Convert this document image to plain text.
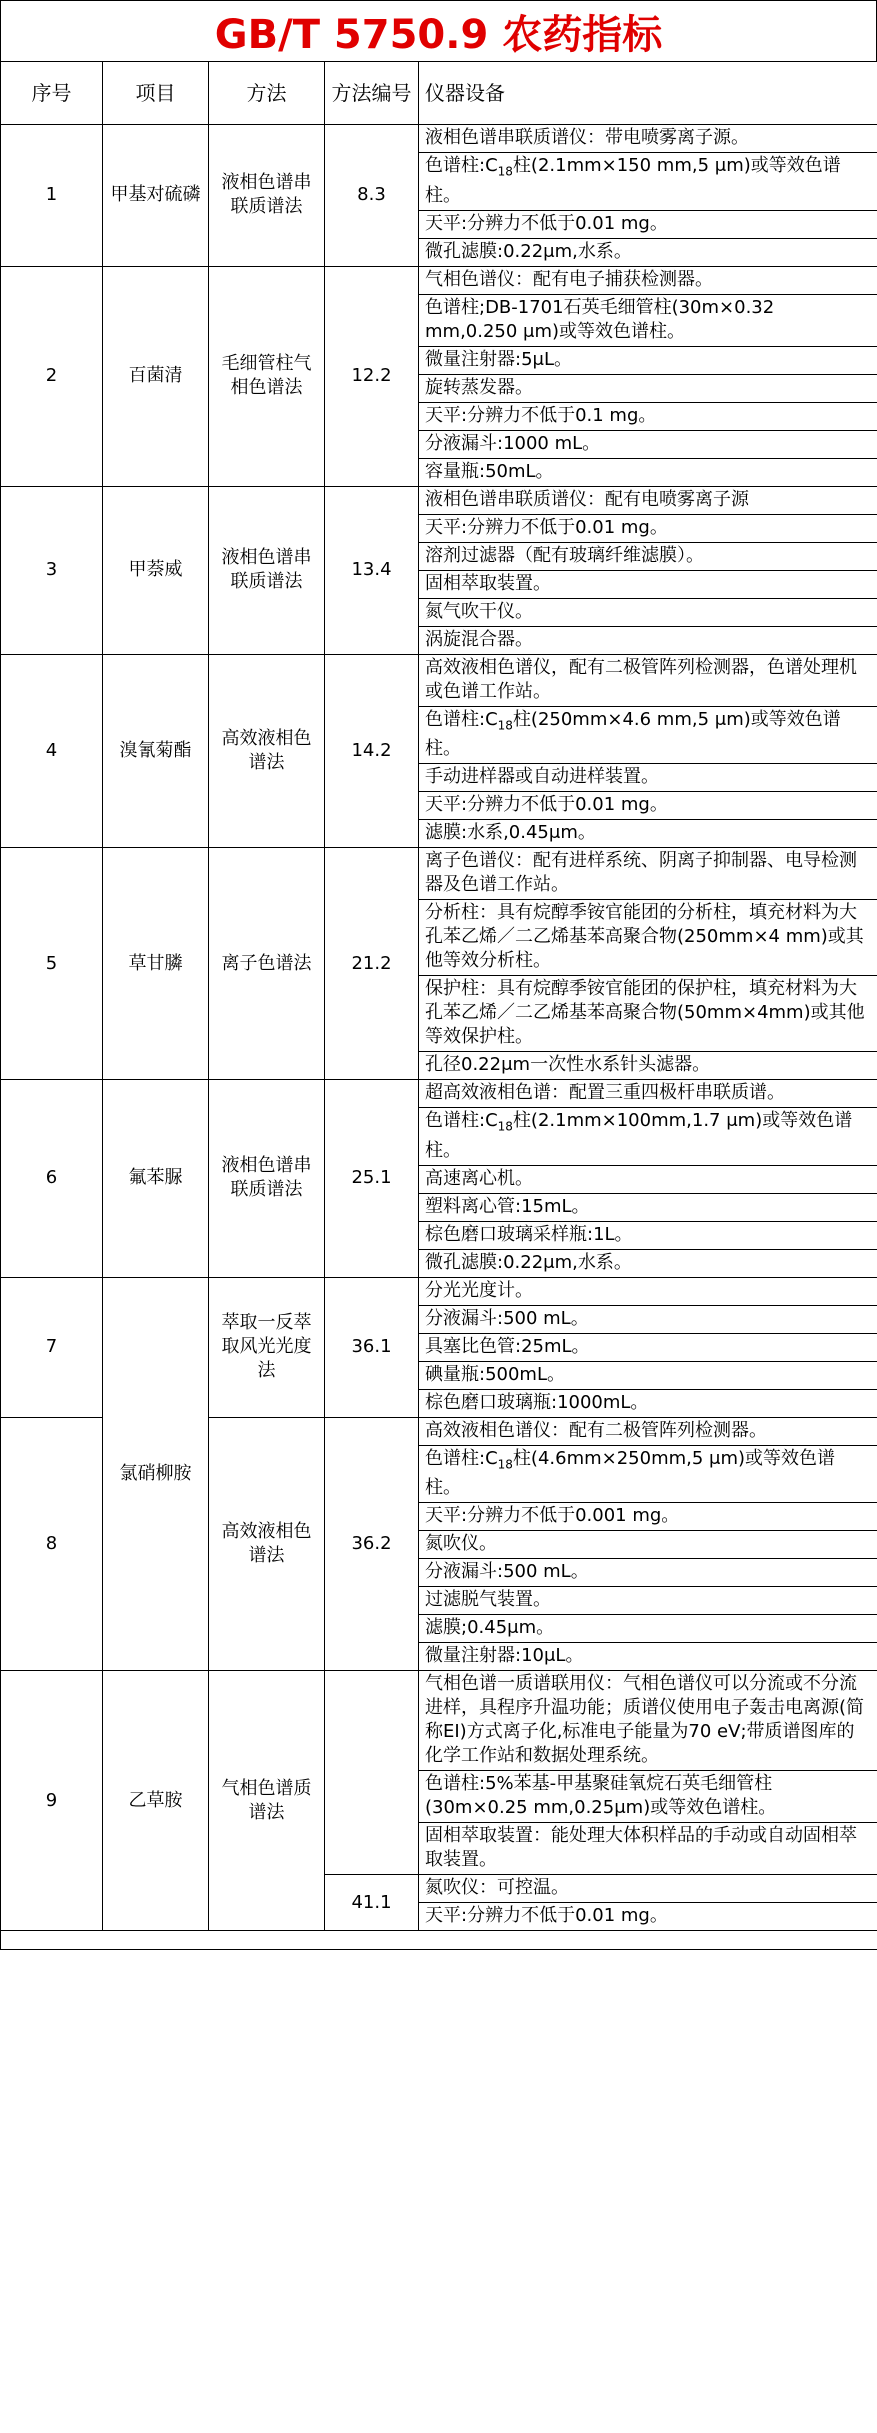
GB/T 5750.9 农药指标
序号	项目	方法	方法编号	仪器设备
1	甲基对硫磷	液相色谱串联质谱法	8.3	液相色谱串联质谱仪：带电喷雾离子源。
				色谱柱$:C_{18}$柱(2.1mm×150 mm,5 μm)或等效色谱柱。
				天平:分辨力不低于0.01 mg。
				微孔滤膜:0.22μm,水系。
2	百菌清	毛细管柱气相色谱法	12.2	气相色谱仪：配有电子捕获检测器。
				色谱柱;DB-1701石英毛细管柱(30m×0.32 mm,0.250 μm)或等效色谱柱。
				微量注射器:5μL。
				旋转蒸发器。
				天平:分辨力不低于0.1 mg。
				分液漏斗:1000 mL。
				容量瓶:50mL。
3	甲萘威	液相色谱串联质谱法	13.4	液相色谱串联质谱仪：配有电喷雾离子源
				天平:分辨力不低于0.01 mg。
				溶剂过滤器（配有玻璃纤维滤膜）。
				固相萃取装置。
				氮气吹干仪。
				涡旋混合器。
4	溴氰菊酯	高效液相色谱法	14.2	高效液相色谱仪，配有二极管阵列检测器，色谱处理机或色谱工作站。
				色谱柱$:C_{18}$柱(250mm×4.6 mm,5 μm)或等效色谱柱。
				手动进样器或自动进样装置。
				天平:分辨力不低于0.01 mg。
				滤膜:水系,0.45μm。
5	草甘膦	离子色谱法	21.2	离子色谱仪：配有进样系统、阴离子抑制器、电导检测器及色谱工作站。
				分析柱：具有烷醇季铵官能团的分析柱，填充材料为大孔苯乙烯／二乙烯基苯高聚合物(250mm×4 mm)或其他等效分析柱。
				保护柱：具有烷醇季铵官能团的保护柱，填充材料为大孔苯乙烯／二乙烯基苯高聚合物(50mm×4mm)或其他等效保护柱。
				孔径0.22μm一次性水系针头滤器。
6	氟苯脲	液相色谱串联质谱法	25.1	超高效液相色谱：配置三重四极杆串联质谱。
				色谱柱$:C_{18}$柱(2.1mm×100mm,1.7 μm)或等效色谱柱。
				高速离心机。
				塑料离心管:15mL。
				棕色磨口玻璃采样瓶:1L。
				微孔滤膜:0.22μm,水系。
7	氯硝柳胺	萃取一反萃取风光光度法	36.1	分光光度计。
				分液漏斗:500 mL。
				具塞比色管:25mL。
				碘量瓶:500mL。
				棕色磨口玻璃瓶:1000mL。
8		高效液相色谱法	36.2	高效液相色谱仪：配有二极管阵列检测器。
				色谱柱$:C_{18}$柱(4.6mm×250mm,5 μm)或等效色谱柱。
				天平:分辨力不低于0.001 mg。
				氮吹仪。
				分液漏斗:500 mL。
				过滤脱气装置。
				滤膜;0.45μm。
				微量注射器:10μL。
9	乙草胺	气相色谱质谱法		气相色谱一质谱联用仪：气相色谱仪可以分流或不分流进样，具程序升温功能；质谱仪使用电子轰击电离源(简称EI)方式离子化,标准电子能量为70 eV;带质谱图库的化学工作站和数据处理系统。
				色谱柱:5%苯基-甲基聚硅氧烷石英毛细管柱(30m×0.25 mm,0.25μm)或等效色谱柱。
				固相萃取装置：能处理大体积样品的手动或自动固相萃取装置。
			41.1	氮吹仪：可控温。
				天平:分辨力不低于0.01 mg。
